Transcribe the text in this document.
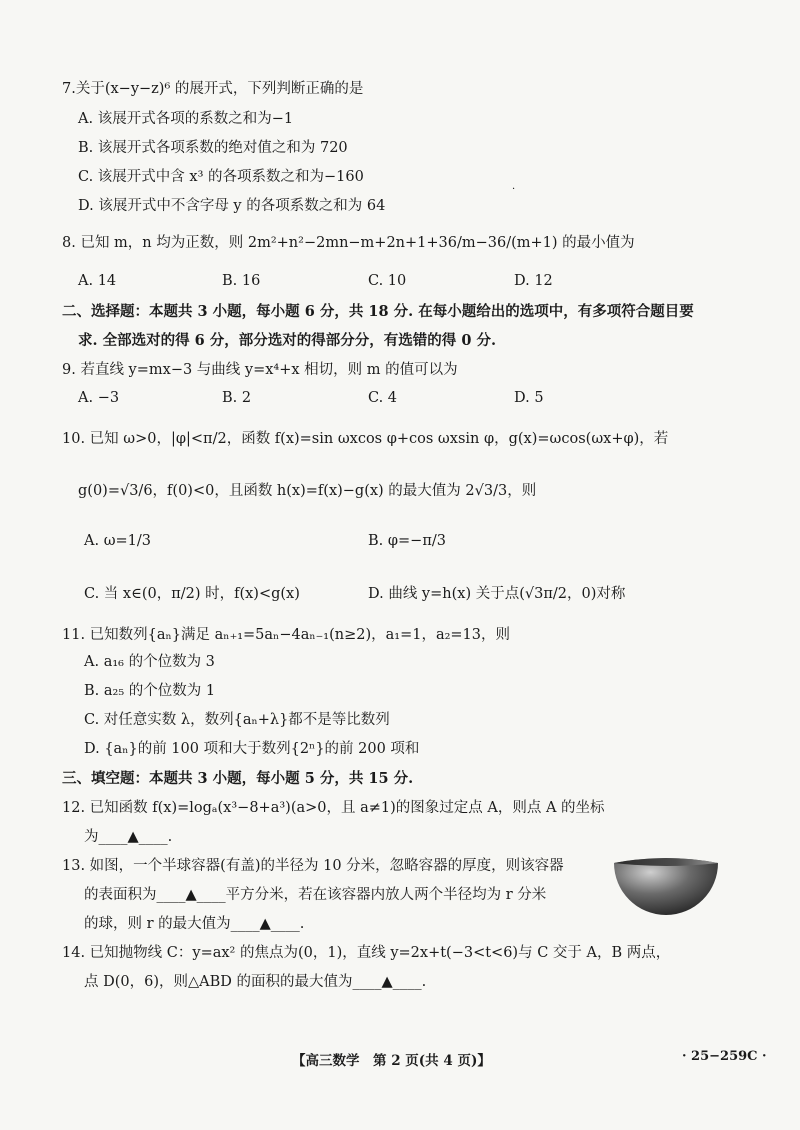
7.关于(x−y−z)⁶ 的展开式，下列判断正确的是
A. 该展开式各项的系数之和为−1
B. 该展开式各项系数的绝对值之和为 720
C. 该展开式中含 x³ 的各项系数之和为−160
·
D. 该展开式中不含字母 y 的各项系数之和为 64
8. 已知 m，n 均为正数，则 2m²+n²−2mn−m+2n+1+36/m−36/(m+1) 的最小值为
A. 14	B. 16	C. 10	D. 12
二、选择题：本题共 3 小题，每小题 6 分，共 18 分. 在每小题给出的选项中，有多项符合题目要
求. 全部选对的得 6 分，部分选对的得部分分，有选错的得 0 分.
9. 若直线 y=mx−3 与曲线 y=x⁴+x 相切，则 m 的值可以为
A. −3	B. 2	C. 4	D. 5
10. 已知 ω>0，|φ|<π/2，函数 f(x)=sin ωxcos φ+cos ωxsin φ，g(x)=ωcos(ωx+φ)，若
g(0)=√3/6，f(0)<0，且函数 h(x)=f(x)−g(x) 的最大值为 2√3/3，则
A. ω=1/3	B. φ=−π/3
C. 当 x∈(0，π/2) 时，f(x)<g(x)	D. 曲线 y=h(x) 关于点(√3π/2，0)对称
11. 已知数列{aₙ}满足 aₙ₊₁=5aₙ−4aₙ₋₁(n≥2)，a₁=1，a₂=13，则
A. a₁₆ 的个位数为 3
B. a₂₅ 的个位数为 1
C. 对任意实数 λ，数列{aₙ+λ}都不是等比数列
D. {aₙ}的前 100 项和大于数列{2ⁿ}的前 200 项和
三、填空题：本题共 3 小题，每小题 5 分，共 15 分.
12. 已知函数 f(x)=logₐ(x³−8+a³)(a>0，且 a≠1)的图象过定点 A，则点 A 的坐标
为____▲____.
13. 如图，一个半球容器(有盖)的半径为 10 分米，忽略容器的厚度，则该容器
的表面积为____▲____平方分米，若在该容器内放人两个半径均为 r 分米
的球，则 r 的最大值为____▲____.
14. 已知抛物线 C：y=ax² 的焦点为(0，1)，直线 y=2x+t(−3<t<6)与 C 交于 A，B 两点，
点 D(0，6)，则△ABD 的面积的最大值为____▲____.
【高三数学　第 2 页(共 4 页)】	· 25−259C ·
